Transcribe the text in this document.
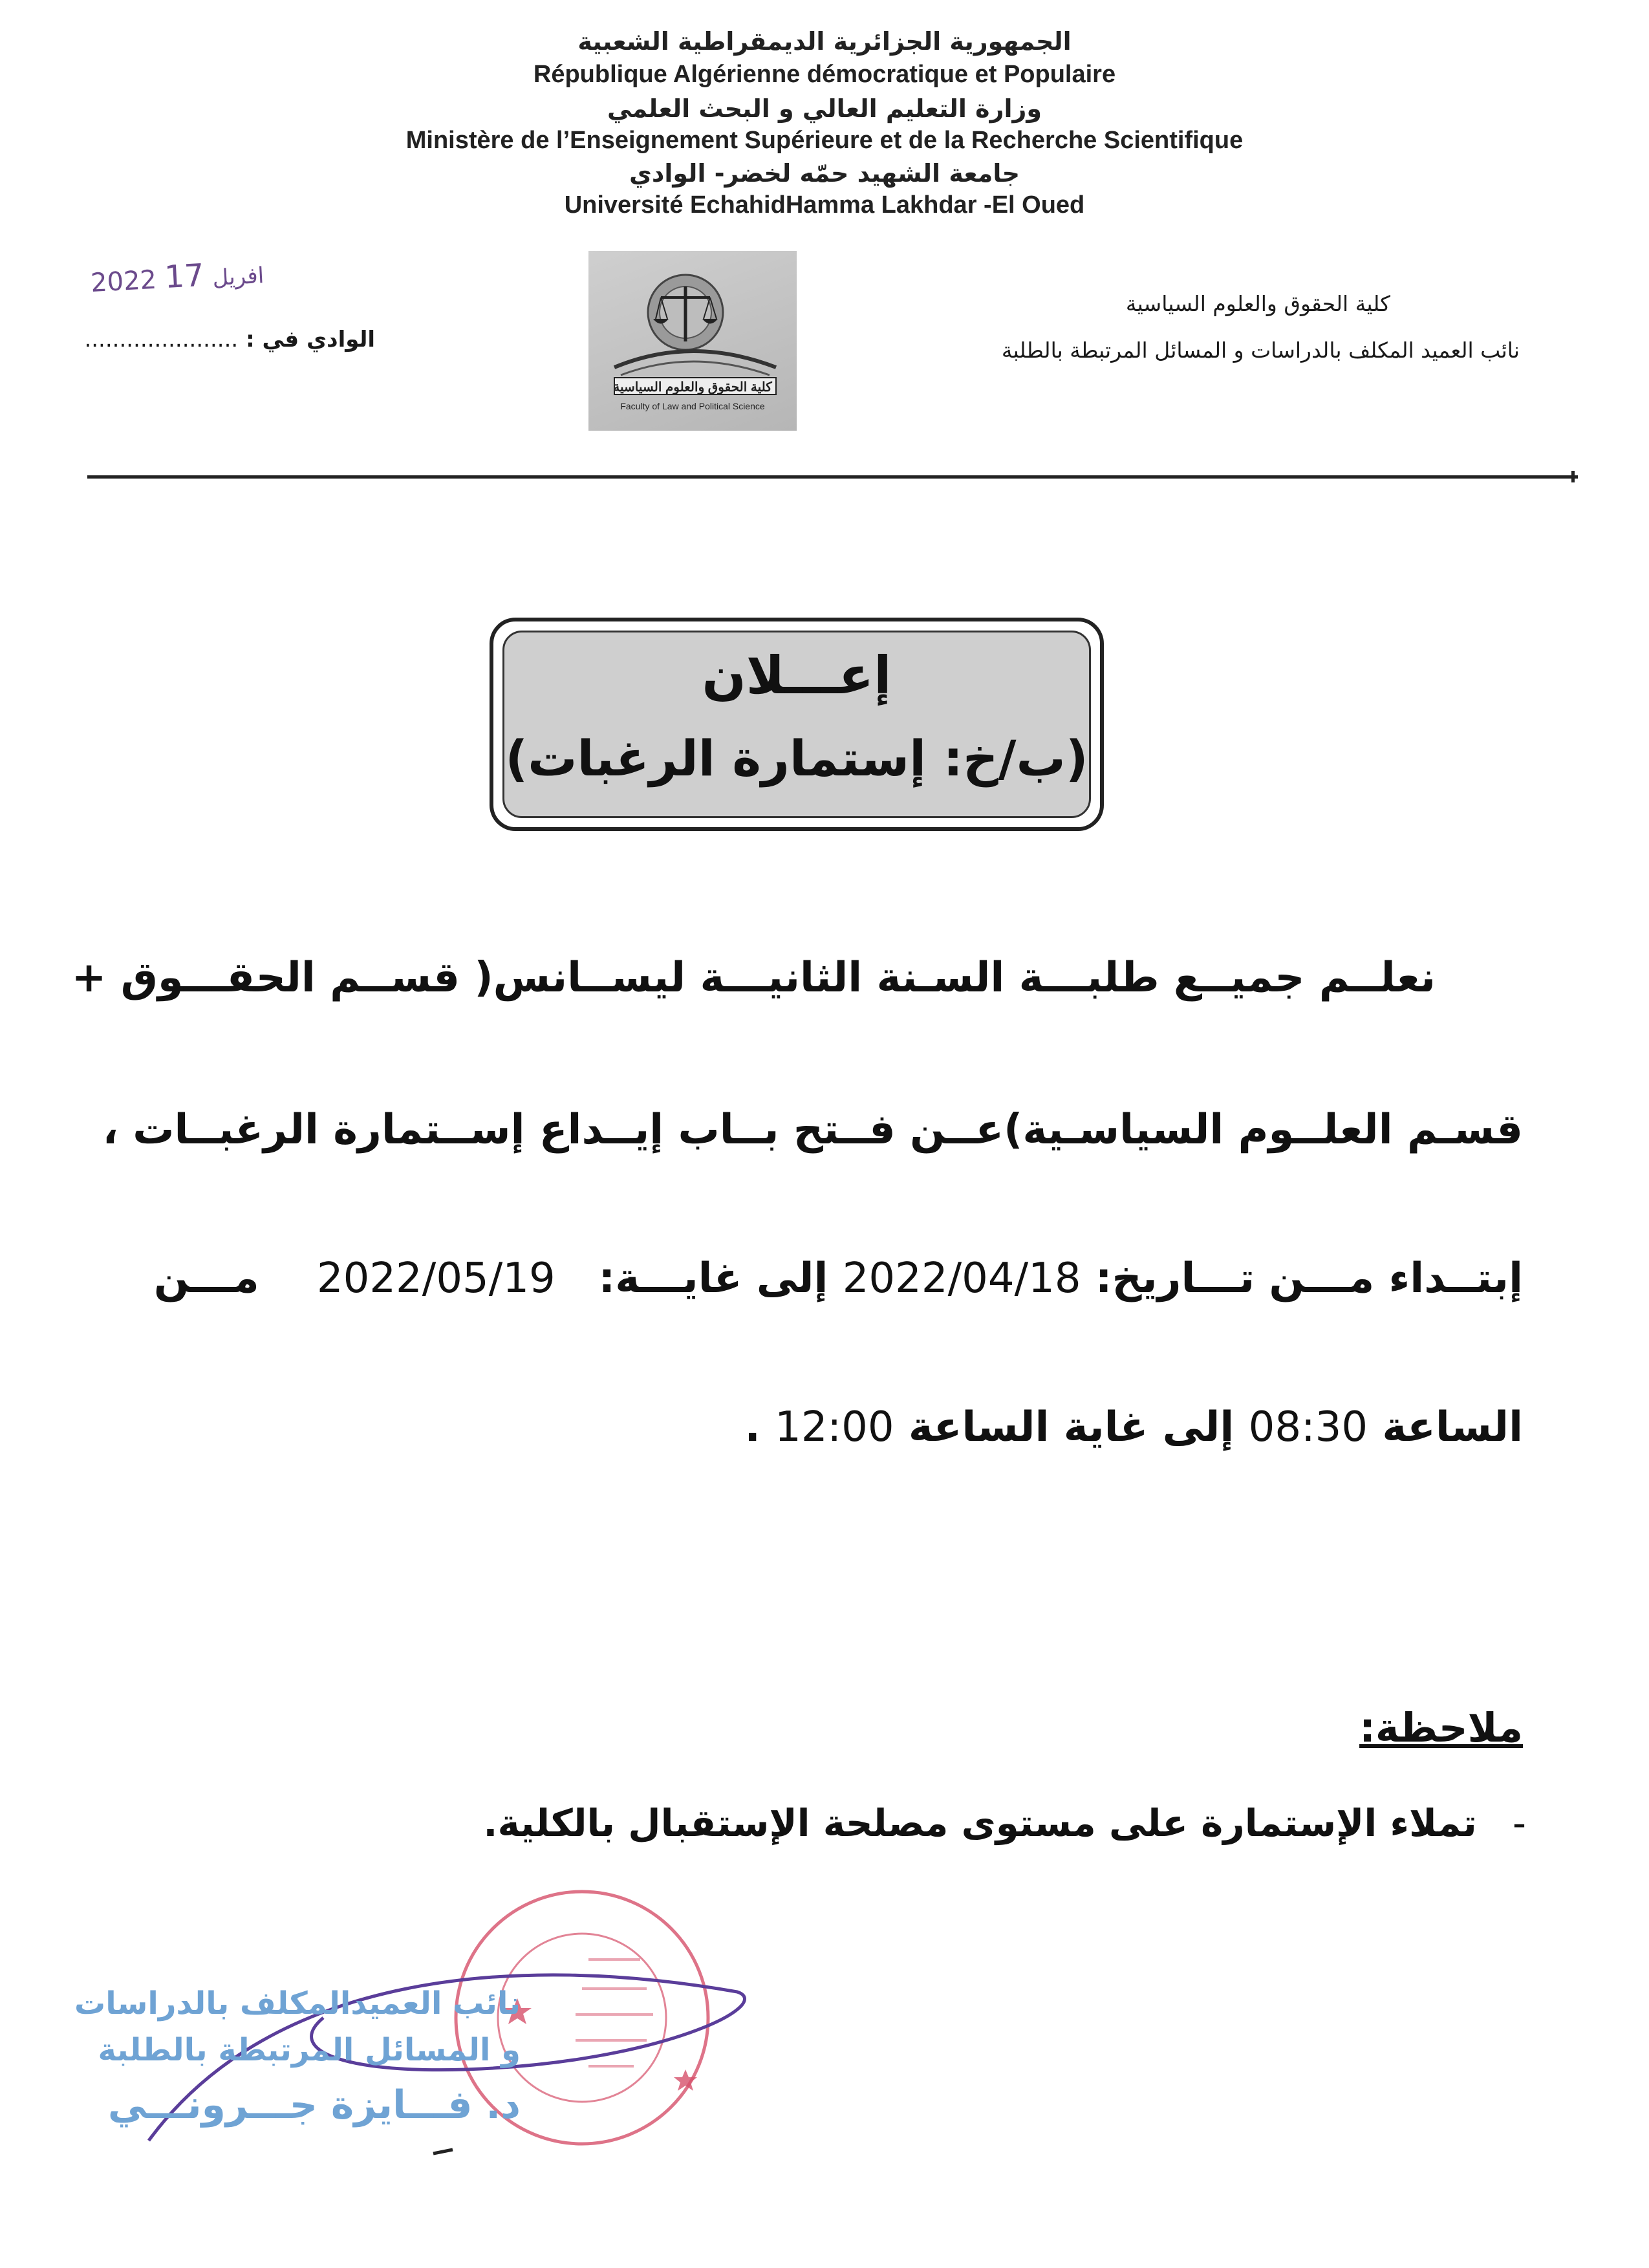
الجمهورية الجزائرية الديمقراطية الشعبية
République Algérienne démocratique et Populaire
وزارة التعليم العالي و البحث العلمي
Ministère de l’Enseignement Supérieure et de la Recherche Scientifique
جامعة الشهيد حمّه لخضر- الوادي
Université EchahidHamma Lakhdar -El Oued
2022 افريل 17
الوادي في : ......................
كلية الحقوق والعلوم السياسية
Faculty of Law and Political Science
كلية الحقوق والعلوم السياسية
نائب العميد المكلف بالدراسات و المسائل المرتبطة بالطلبة
إعـــلان
(ب/خ: إستمارة الرغبات)
نعلــم جميــع طلبـــة السـنة الثانيـــة ليســانس( قســم الحقـــوق +
قسـم العلــوم السياسـية)عــن فــتح بــاب إيــداع إســتمارة الرغبــات ،
إبتــداء مـــن تـــاريخ: 2022/04/18 إلى غايـــة:   2022/05/19    مـــن
الساعة 08:30 إلى غاية الساعة 12:00 .
ملاحظة:
-   تملاء الإستمارة على مستوى مصلحة الإستقبال بالكلية.
نائب العميدالمكلف بالدراسات
و المسائل المرتبطة بالطلبة
د. فـــايزة جـــرونـــي
